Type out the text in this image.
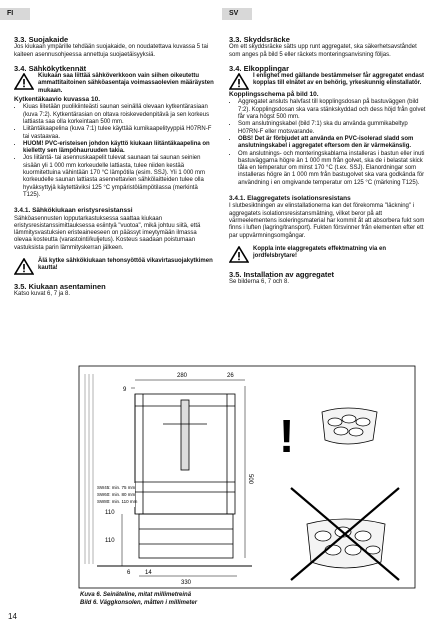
FI	SV
3.3. Suojakaide

Jos kiukaan ympärille tehdään suojakaide, on noudatettava kuvassa 5 tai kaiteen asennusohjeessa annettuja suojaetäisyyksiä.

3.4. Sähkökytkennät
Kiukaan saa liittää sähköverkkoon vain siihen oikeutettu ammattitaitoinen sähköasentaja voimassaolevien määräysten mukaan.
Kytkentäkaavio kuvassa 10.
• Kiuas liitetään puolikiinteästi saunan seinällä olevaan kytkentärasiaan (kuva 7:2). Kytkentärasian on oltava roiskevedenpitävä ja sen korkeus lattiasta saa olla korkeintaan 500 mm.
• Liitäntäkaapelina (kuva 7:1) tulee käyttää kumikaapelityyppiä H07RN-F tai vastaavaa.
• HUOM! PVC-eristeisen johdon käyttö kiukaan liitäntäkaapelina on kielletty sen lämpöhauruuden takia.
• Jos liitäntä- tai asennuskaapelit tulevat saunaan tai saunan seinien sisään yli 1 000 mm korkeudelle lattiasta, tulee niiden kestää kuormitettuina vähintään 170 °C lämpötila (esim. SSJ). Yli 1 000 mm korkeudelle saunan lattiasta asennettavien sähkölaitteiden tulee olla hyväksyttyjä käytettäviksi 125 °C ympäristölämpötilassa (merkintä T125).
3.4.1. Sähkökiukaan eristysresistanssi

Sähköasennusten lopputarkastuksessa saattaa kiukaan eristysresistanssimittauksessa esiintyä "vuotoa", mikä johtuu siitä, että lämmitysvastuksien eristeaineeseen on päässyt imeytymään ilmassa olevaa kosteutta (varastointi/kuljetus). Kosteus saadaan poistumaan vastuksista parin lämmityskerran jälkeen.

Älä kytke sähkökiukaan tehonsyöttöä vikavirtasuojakytkimen kautta!
3.5. Kiukaan asentaminen
Katso kuvat 6, 7 ja 8.
3.3. Skyddsräcke

Om ett skyddsräcke sätts upp runt aggregatet, ska säkerhetsavståndet som anges på bild 5 eller räckets monteringsanvisning följas.

3.4. Elkopplingar
I enlighet med gällande bestämmelser får aggregatet endast kopplas till elnätet av en behörig, yrkeskunnig elinstallatör.
Kopplingsschema på bild 10.
• Aggregatet ansluts halvfast till kopplingsdosan på bastuväggen (bild 7:2). Kopplingsdosan ska vara stänkskyddad och dess höjd från golvet får vara högst 500 mm.
• Som anslutningskabel (bild 7:1) ska du använda gummikabeltyp H07RN-F eller motsvarande.
• OBS! Det är förbjudet att använda en PVC-isolerad sladd som anslutningskabel i aggregatet eftersom den är värmekänslig.
• Om anslutnings- och monteringskablarna installeras i bastun eller inuti bastuväggarna högre än 1 000 mm från golvet, ska de i belastat skick tåla en temperatur om minst 170 °C (t.ex. SSJ). Elanordningar som installeras högre än 1 000 mm från bastugolvet ska vara godkända för användning i en omgivande temperatur om 125 °C (märkning T125).
3.4.1. Elaggregatets isolationsresistans

I slutbesiktningen av elinstallationerna kan det förekomma "läckning" i aggregatets isolationsresistansmätning, vilket beror på att värmeelementens isoleringsmaterial har kommit åt att absorbera fukt som finns i luften (lagring/transport). Fukten försvinner från elementen efter ett par uppvärmningsomgångar.

Koppla inte elaggregatets effektmatning via en jordfelsbrytare!
3.5. Installation av aggregatet
Se bilderna 6, 7 och 8.
9
280	26
500
110
110
6 14
330
SW45: min. 75 mm
SW60: min. 80 mm
SW80: min. 110 mm
!
Kuva 6. Seinäteline, mitat millimetreinä
Bild 6. Väggkonsolen, måtten i millimeter
14
